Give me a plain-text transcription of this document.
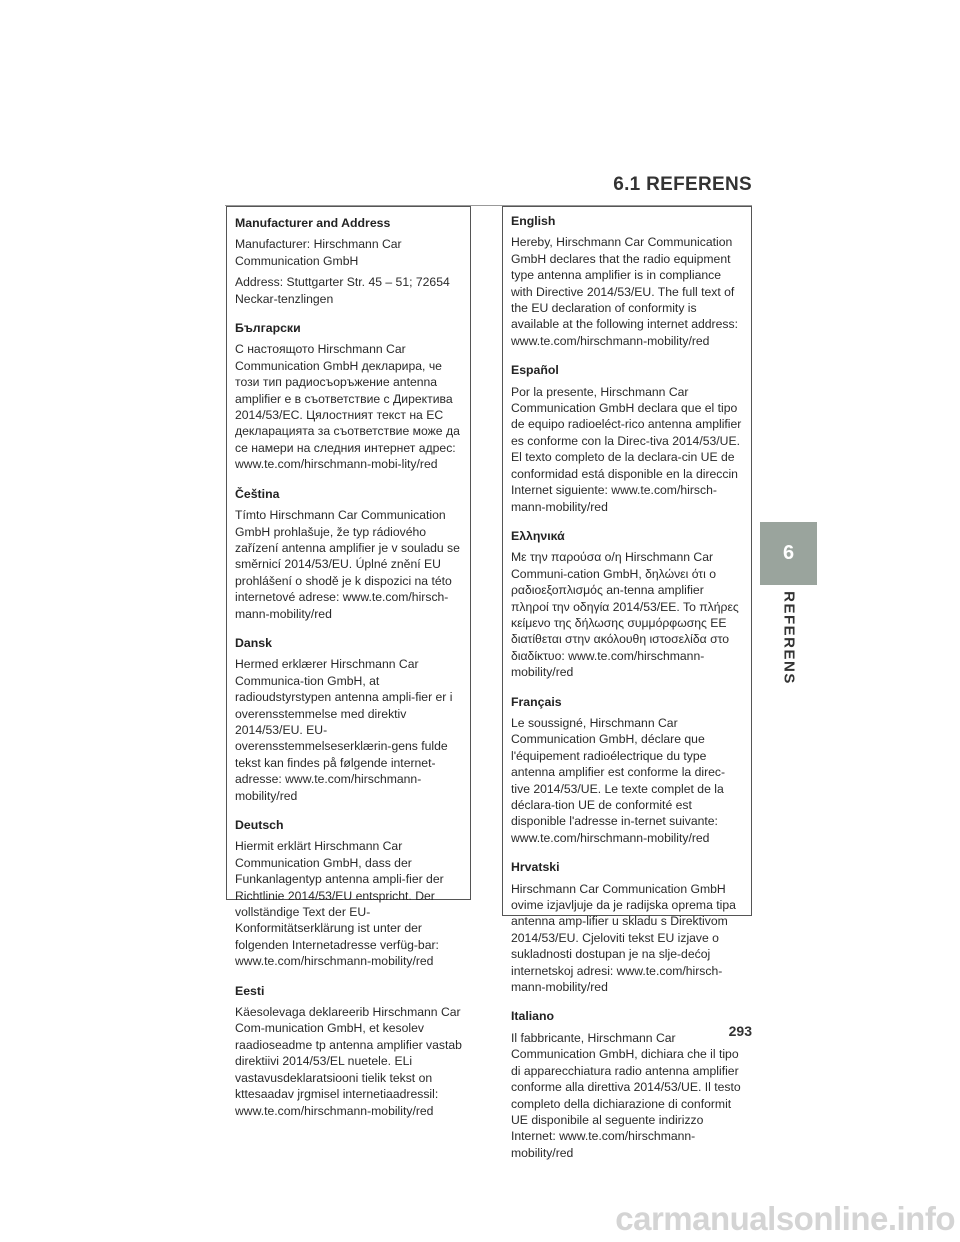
6.1 REFERENS
Manufacturer and Address
Manufacturer: Hirschmann Car Communication GmbH
Address: Stuttgarter Str. 45 – 51; 72654 Neckar-tenzlingen
Български
С настоящото Hirschmann Car Communication GmbH декларира, че този тип радиосъоръжение antenna amplifier е в съответствие с Директива 2014/53/ЕС. Цялостният текст на ЕС декларацията за съответствие може да се намери на следния интернет адрес: www.te.com/hirschmann-mobi-lity/red
Čeština
Tímto Hirschmann Car Communication GmbH prohlašuje, že typ rádiového zařízení antenna amplifier je v souladu se směrnicí 2014/53/EU. Úplné znění EU prohlášení o shodě je k dispozici na této internetové adrese: www.te.com/hirsch-mann-mobility/red
Dansk
Hermed erklærer Hirschmann Car Communica-tion GmbH, at radioudstyrstypen antenna ampli-fier er i overensstemmelse med direktiv 2014/53/EU. EU-overensstemmelseserklærin-gens fulde tekst kan findes på følgende internet-adresse: www.te.com/hirschmann-mobility/red
Deutsch
Hiermit erklärt Hirschmann Car Communication GmbH, dass der Funkanlagentyp antenna ampli-fier der Richtlinie 2014/53/EU entspricht. Der vollständige Text der EU-Konformitätserklärung ist unter der folgenden Internetadresse verfüg-bar: www.te.com/hirschmann-mobility/red
Eesti
Käesolevaga deklareerib Hirschmann Car Com-munication GmbH, et kesolev raadioseadme tp antenna amplifier vastab direktiivi 2014/53/EL nuetele. ELi vastavusdeklaratsiooni tielik tekst on kttesaadav jrgmisel internetiaadressil: www.te.com/hirschmann-mobility/red
English
Hereby, Hirschmann Car Communication GmbH declares that the radio equipment type antenna amplifier is in compliance with Directive 2014/53/EU. The full text of the EU declaration of conformity is available at the following internet address: www.te.com/hirschmann-mobility/red
Español
Por la presente, Hirschmann Car Communication GmbH declara que el tipo de equipo radioeléct-rico antenna amplifier es conforme con la Direc-tiva 2014/53/UE. El texto completo de la declara-cin UE de conformidad está disponible en la direccin Internet siguiente: www.te.com/hirsch-mann-mobility/red
Ελληνικά
Με την παρούσα ο/η Hirschmann Car Communi-cation GmbH, δηλώνει ότι ο ραδιοεξοπλισμός an-tenna amplifier πληροί την οδηγία 2014/53/ΕΕ. Το πλήρες κείμενο της δήλωσης συμμόρφωσης ΕΕ διατίθεται στην ακόλουθη ιστοσελίδα στο διαδίκτυο: www.te.com/hirschmann-mobility/red
Français
Le soussigné, Hirschmann Car Communication GmbH, déclare que l'équipement radioélectrique du type antenna amplifier est conforme la direc-tive 2014/53/UE. Le texte complet de la déclara-tion UE de conformité est disponible l'adresse in-ternet suivante: www.te.com/hirschmann-mobility/red
Hrvatski
Hirschmann Car Communication GmbH ovime izjavljuje da je radijska oprema tipa antenna amp-lifier u skladu s Direktivom 2014/53/EU. Cjeloviti tekst EU izjave o sukladnosti dostupan je na slje-dećoj internetskoj adresi: www.te.com/hirsch-mann-mobility/red
Italiano
Il fabbricante, Hirschmann Car Communication GmbH, dichiara che il tipo di apparecchiatura radio antenna amplifier conforme alla direttiva 2014/53/UE. Il testo completo della dichiarazione di conformit UE disponibile al seguente indirizzo Internet: www.te.com/hirschmann-mobility/red
6
REFERENS
293
carmanualsonline.info
